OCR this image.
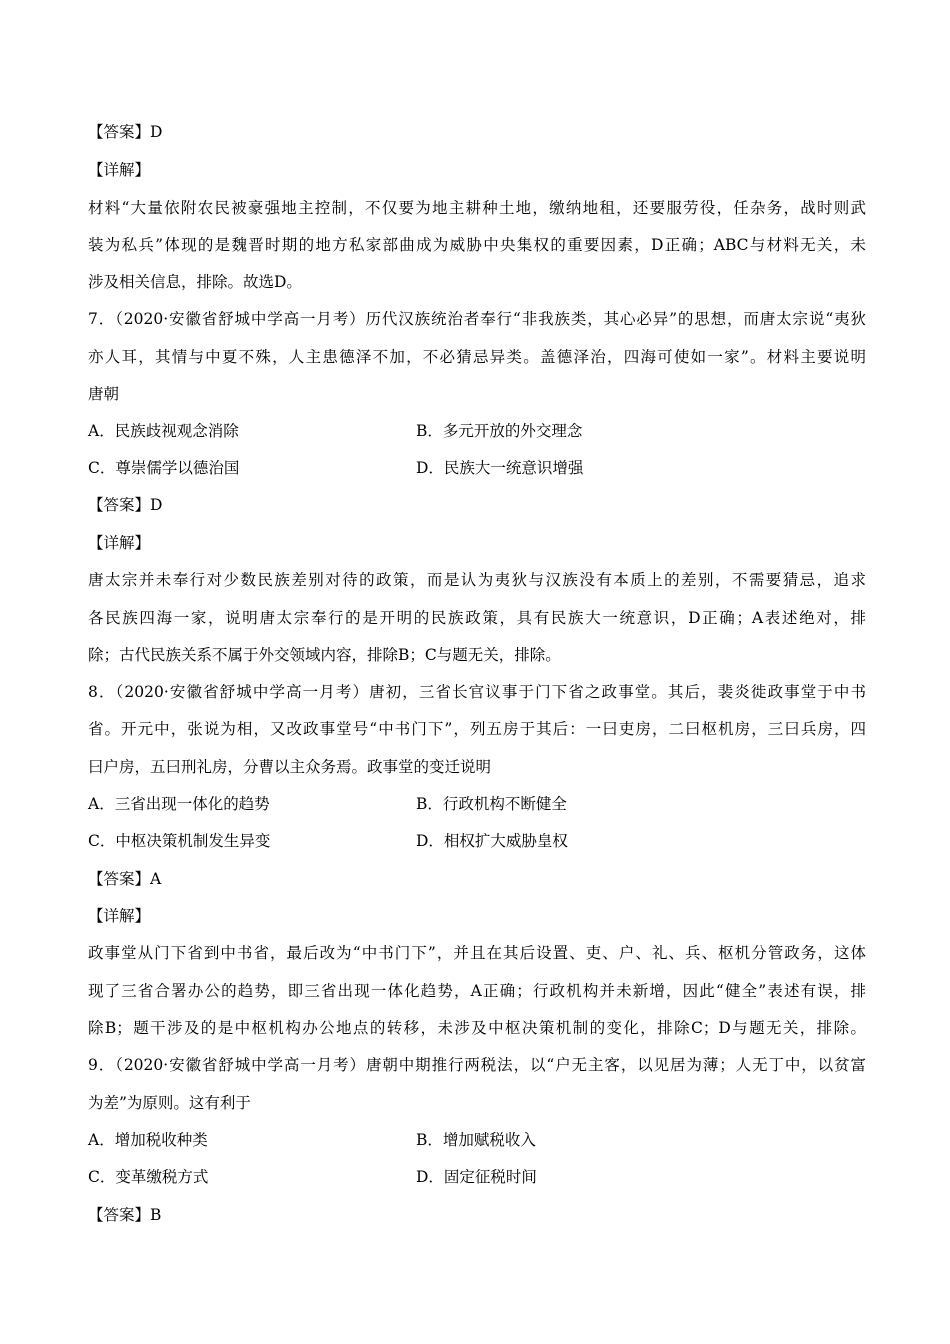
【答案】D
【详解】
材料“大量依附农民被豪强地主控制，不仅要为地主耕种土地，缴纳地租，还要服劳役，任杂务，战时则武
装为私兵”体现的是魏晋时期的地方私家部曲成为威胁中央集权的重要因素，D正确；ABC与材料无关，未
涉及相关信息，排除。故选D。
7．（2020·安徽省舒城中学高一月考）历代汉族统治者奉行“非我族类，其心必异”的思想，而唐太宗说“夷狄
亦人耳，其情与中夏不殊，人主患德泽不加，不必猜忌异类。盖德泽治，四海可使如一家”。材料主要说明
唐朝
A．民族歧视观念消除	B．多元开放的外交理念
C．尊崇儒学以德治国	D．民族大一统意识增强
【答案】D
【详解】
唐太宗并未奉行对少数民族差别对待的政策，而是认为夷狄与汉族没有本质上的差别，不需要猜忌，追求
各民族四海一家，说明唐太宗奉行的是开明的民族政策，具有民族大一统意识，D正确；A表述绝对，排
除；古代民族关系不属于外交领域内容，排除B；C与题无关，排除。
8．（2020·安徽省舒城中学高一月考）唐初，三省长官议事于门下省之政事堂。其后，裴炎徙政事堂于中书
省。开元中，张说为相，又改政事堂号“中书门下”，列五房于其后：一曰吏房，二曰枢机房，三曰兵房，四
曰户房，五曰刑礼房，分曹以主众务焉。政事堂的变迁说明
A．三省出现一体化的趋势	B．行政机构不断健全
C．中枢决策机制发生异变	D．相权扩大威胁皇权
【答案】A
【详解】
政事堂从门下省到中书省，最后改为“中书门下”，并且在其后设置、吏、户、礼、兵、枢机分管政务，这体
现了三省合署办公的趋势，即三省出现一体化趋势，A正确；行政机构并未新增，因此“健全”表述有误，排
除B；题干涉及的是中枢机构办公地点的转移，未涉及中枢决策机制的变化，排除C；D与题无关，排除。
9．（2020·安徽省舒城中学高一月考）唐朝中期推行两税法，以“户无主客，以见居为薄；人无丁中，以贫富
为差”为原则。这有利于
A．增加税收种类	B．增加赋税收入
C．变革缴税方式	D．固定征税时间
【答案】B
